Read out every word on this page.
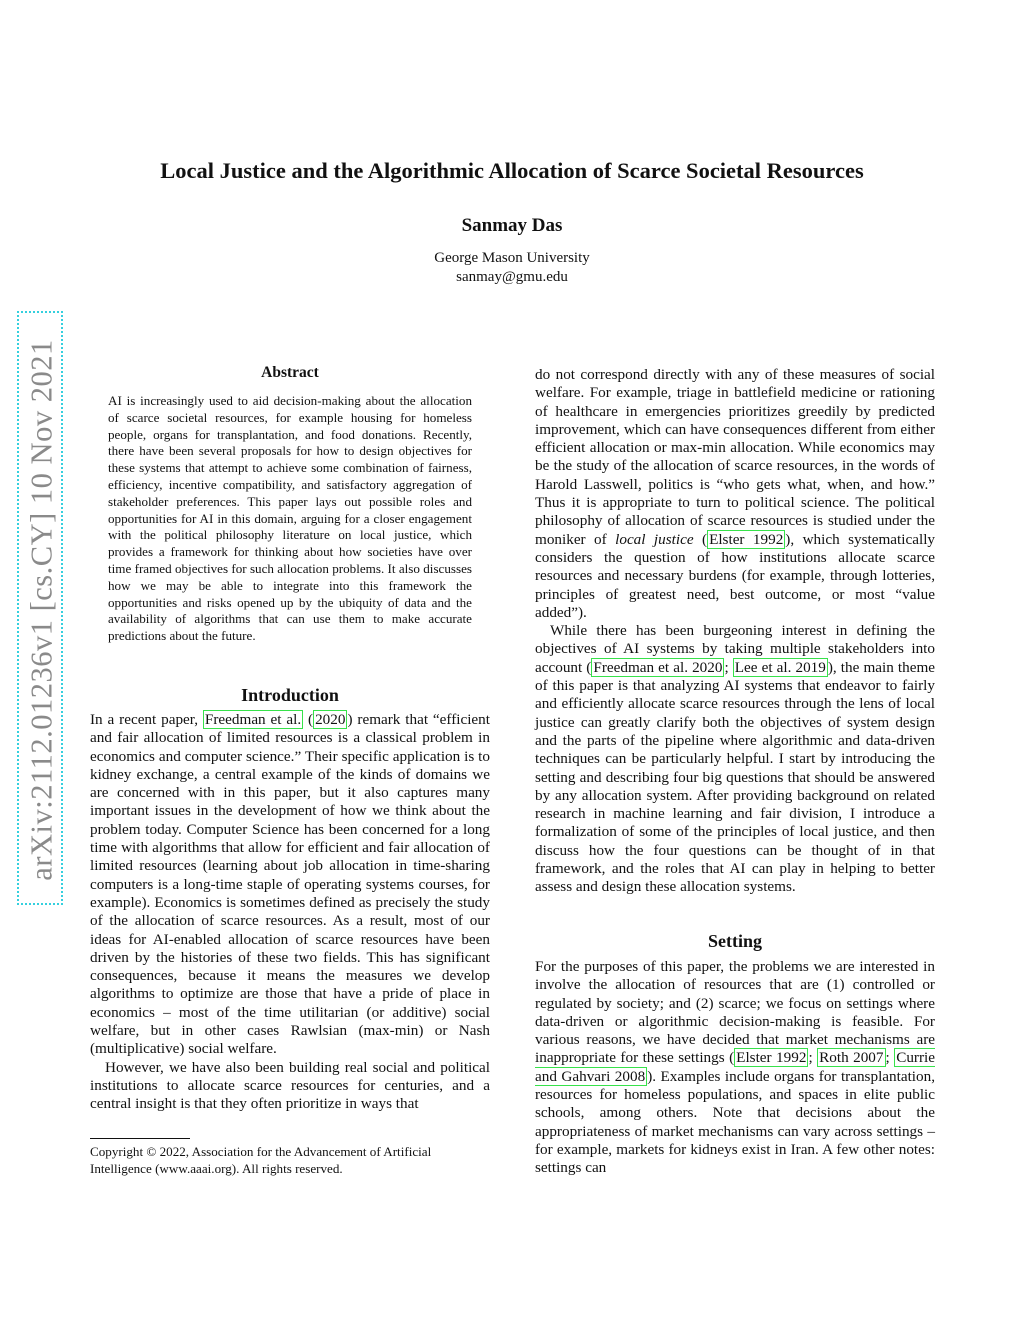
Local Justice and the Algorithmic Allocation of Scarce Societal Resources
Sanmay Das
George Mason University
sanmay@gmu.edu
arXiv:2112.01236v1 [cs.CY] 10 Nov 2021	Abstract
AI is increasingly used to aid decision-making about the allocation of scarce societal resources, for example housing for homeless people, organs for transplantation, and food donations. Recently, there have been several proposals for how to design objectives for these systems that attempt to achieve some combination of fairness, efficiency, incentive compatibility, and satisfactory aggregation of stakeholder preferences. This paper lays out possible roles and opportunities for AI in this domain, arguing for a closer engagement with the political philosophy literature on local justice, which provides a framework for thinking about how societies have over time framed objectives for such allocation problems. It also discusses how we may be able to integrate into this framework the opportunities and risks opened up by the ubiquity of data and the availability of algorithms that can use them to make accurate predictions about the future.
Introduction

In a recent paper, Freedman et al. ( 2020 ) remark that “efficient and fair allocation of limited resources is a classical problem in economics and computer science.” Their specific application is to kidney exchange, a central example of the kinds of domains we are concerned with in this paper, but it also captures many important issues in the development of how we think about the problem today. Computer Science has been concerned for a long time with algorithms that allow for efficient and fair allocation of limited resources (learning about job allocation in time-sharing computers is a long-time staple of operating systems courses, for example). Economics is sometimes defined as precisely the study of the allocation of scarce resources. As a result, most of our ideas for AI-enabled allocation of scarce resources have been driven by the histories of these two fields. This has significant consequences, because it means the measures we develop algorithms to optimize are those that have a pride of place in economics – most of the time utilitarian (or additive) social welfare, but in other cases Rawlsian (max-min) or Nash (multiplicative) social welfare.

However, we have also been building real social and political institutions to allocate scarce resources for centuries, and a central insight is that they often prioritize in ways that

Copyright © 2022, Association for the Advancement of Artificial Intelligence (www.aaai.org). All rights reserved.

do not correspond directly with any of these measures of social welfare. For example, triage in battlefield medicine or rationing of healthcare in emergencies prioritizes greedily by predicted improvement, which can have consequences different from either efficient allocation or max-min allocation. While economics may be the study of the allocation of scarce resources, in the words of Harold Lasswell, politics is “who gets what, when, and how.” Thus it is appropriate to turn to political science. The political philosophy of allocation of scarce resources is studied under the moniker of local justice ( Elster 1992 ), which systematically considers the question of how institutions allocate scarce resources and necessary burdens (for example, through lotteries, principles of greatest need, best outcome, or most “value added”).

While there has been burgeoning interest in defining the objectives of AI systems by taking multiple stakeholders into account ( Freedman et al. 2020 ; Lee et al. 2019 ), the main theme of this paper is that analyzing AI systems that endeavor to fairly and efficiently allocate scarce resources through the lens of local justice can greatly clarify both the objectives of system design and the parts of the pipeline where algorithmic and data-driven techniques can be particularly helpful. I start by introducing the setting and describing four big questions that should be answered by any allocation system. After providing background on related research in machine learning and fair division, I introduce a formalization of some of the principles of local justice, and then discuss how the four questions can be thought of in that framework, and the roles that AI can play in helping to better assess and design these allocation systems.

Setting

For the purposes of this paper, the problems we are interested in involve the allocation of resources that are (1) controlled or regulated by society; and (2) scarce; we focus on settings where data-driven or algorithmic decision-making is feasible. For various reasons, we have decided that market mechanisms are inappropriate for these settings ( Elster 1992 ; Roth 2007 ; Currie and Gahvari 2008 ). Examples include organs for transplantation, resources for homeless populations, and spaces in elite public schools, among others. Note that decisions about the appropriateness of market mechanisms can vary across settings – for example, markets for kidneys exist in Iran. A few other notes: settings can
